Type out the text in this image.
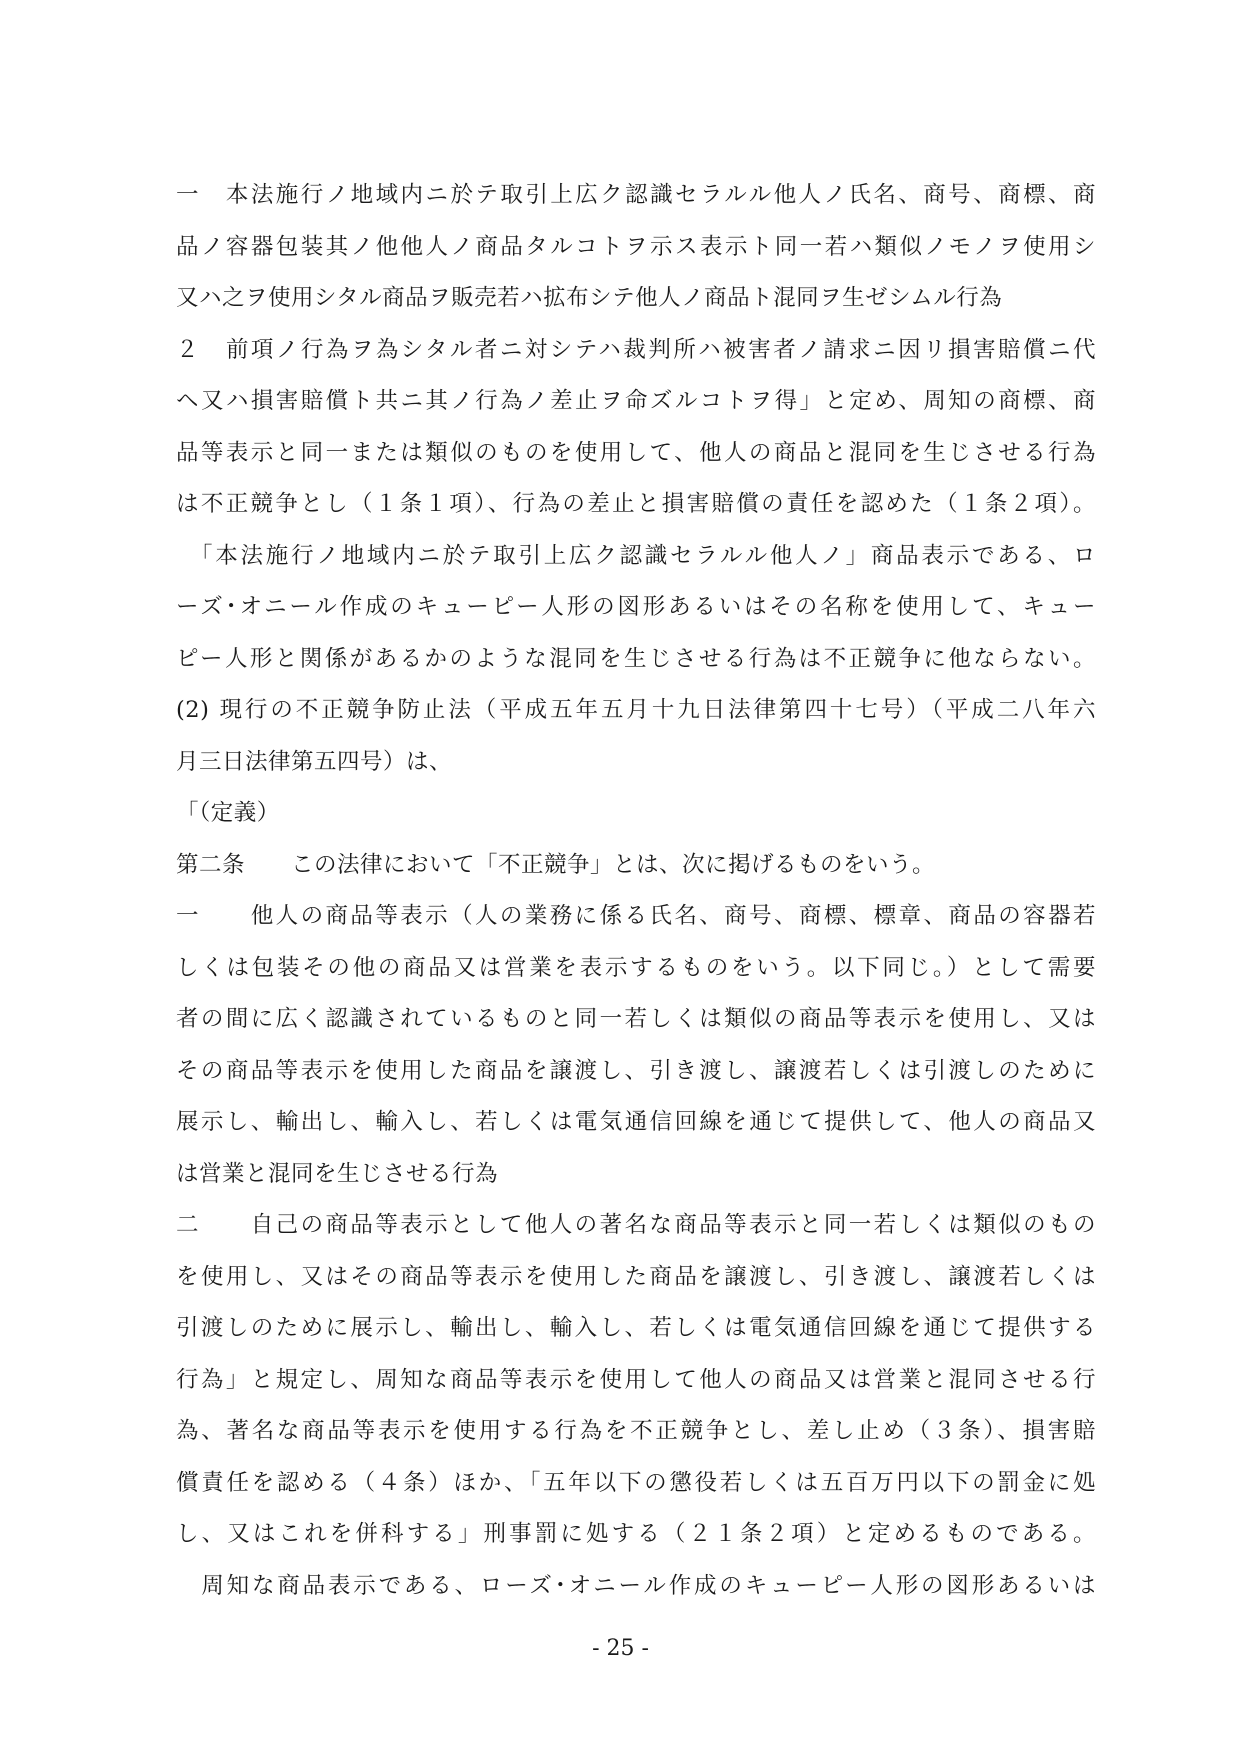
一　本法施行ノ地域内ニ於テ取引上広ク認識セラルル他人ノ氏名、商号、商標、商
品ノ容器包装其ノ他他人ノ商品タルコトヲ示ス表示ト同一若ハ類似ノモノヲ使用シ
又ハ之ヲ使用シタル商品ヲ販売若ハ拡布シテ他人ノ商品ト混同ヲ生ゼシムル行為
２　前項ノ行為ヲ為シタル者ニ対シテハ裁判所ハ被害者ノ請求ニ因リ損害賠償ニ代
ヘ又ハ損害賠償ト共ニ其ノ行為ノ差止ヲ命ズルコトヲ得」と定め、周知の商標、商
品等表示と同一または類似のものを使用して、他人の商品と混同を生じさせる行為
は不正競争とし（１条１項）、行為の差止と損害賠償の責任を認めた（１条２項）。
　「本法施行ノ地域内ニ於テ取引上広ク認識セラルル他人ノ」商品表示である、ロ
ーズ･オニール作成のキューピー人形の図形あるいはその名称を使用して、キュー
ピー人形と関係があるかのような混同を生じさせる行為は不正競争に他ならない。
(2) 現行の不正競争防止法（平成五年五月十九日法律第四十七号）（平成二八年六
月三日法律第五四号）は、
「（定義）
第二条　　この法律において「不正競争」とは、次に掲げるものをいう。
一　　他人の商品等表示（人の業務に係る氏名、商号、商標、標章、商品の容器若
しくは包装その他の商品又は営業を表示するものをいう。以下同じ。）として需要
者の間に広く認識されているものと同一若しくは類似の商品等表示を使用し、又は
その商品等表示を使用した商品を譲渡し、引き渡し、譲渡若しくは引渡しのために
展示し、輸出し、輸入し、若しくは電気通信回線を通じて提供して、他人の商品又
は営業と混同を生じさせる行為
二　　自己の商品等表示として他人の著名な商品等表示と同一若しくは類似のもの
を使用し、又はその商品等表示を使用した商品を譲渡し、引き渡し、譲渡若しくは
引渡しのために展示し、輸出し、輸入し、若しくは電気通信回線を通じて提供する
行為」と規定し、周知な商品等表示を使用して他人の商品又は営業と混同させる行
為、著名な商品等表示を使用する行為を不正競争とし、差し止め（３条）、損害賠
償責任を認める（４条）ほか、「五年以下の懲役若しくは五百万円以下の罰金に処
し、又はこれを併科する」刑事罰に処する（２１条２項）と定めるものである。
　周知な商品表示である、ローズ･オニール作成のキューピー人形の図形あるいは
- 25 -
